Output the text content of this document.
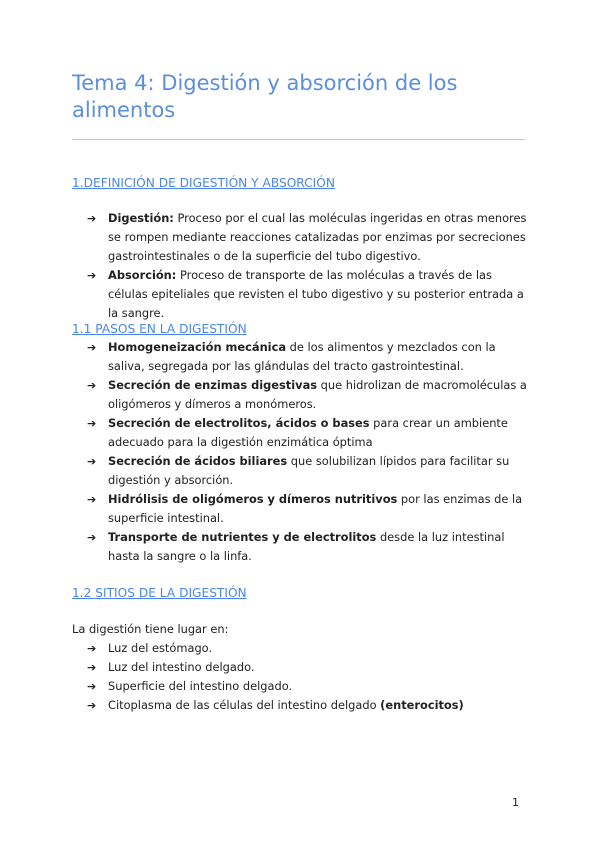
Tema 4: Digestión y absorción de los alimentos
1.DEFINICIÓN DE DIGESTIÓN Y ABSORCIÓN
➔ Digestión: Proceso por el cual las moléculas ingeridas en otras menores se rompen mediante reacciones catalizadas por enzimas por secreciones gastrointestinales o de la superficie del tubo digestivo.
➔ Absorción: Proceso de transporte de las moléculas a través de las células epiteliales que revisten el tubo digestivo y su posterior entrada a la sangre.
1.1 PASOS EN LA DIGESTIÓN
➔ Homogeneización mecánica de los alimentos y mezclados con la saliva, segregada por las glándulas del tracto gastrointestinal.
➔ Secreción de enzimas digestivas que hidrolizan de macromoléculas a oligómeros y dímeros a monómeros.
➔ Secreción de electrolitos, ácidos o bases para crear un ambiente adecuado para la digestión enzimática óptima
➔ Secreción de ácidos biliares que solubilizan lípidos para facilitar su digestión y absorción.
➔ Hidrólisis de oligómeros y dímeros nutritivos por las enzimas de la superficie intestinal.
➔ Transporte de nutrientes y de electrolitos desde la luz intestinal hasta la sangre o la linfa.
1.2 SITIOS DE LA DIGESTIÓN

La digestión tiene lugar en:

➔ Luz del estómago.
➔ Luz del intestino delgado.
➔ Superficie del intestino delgado.
➔ Citoplasma de las células del intestino delgado (enterocitos)
1
